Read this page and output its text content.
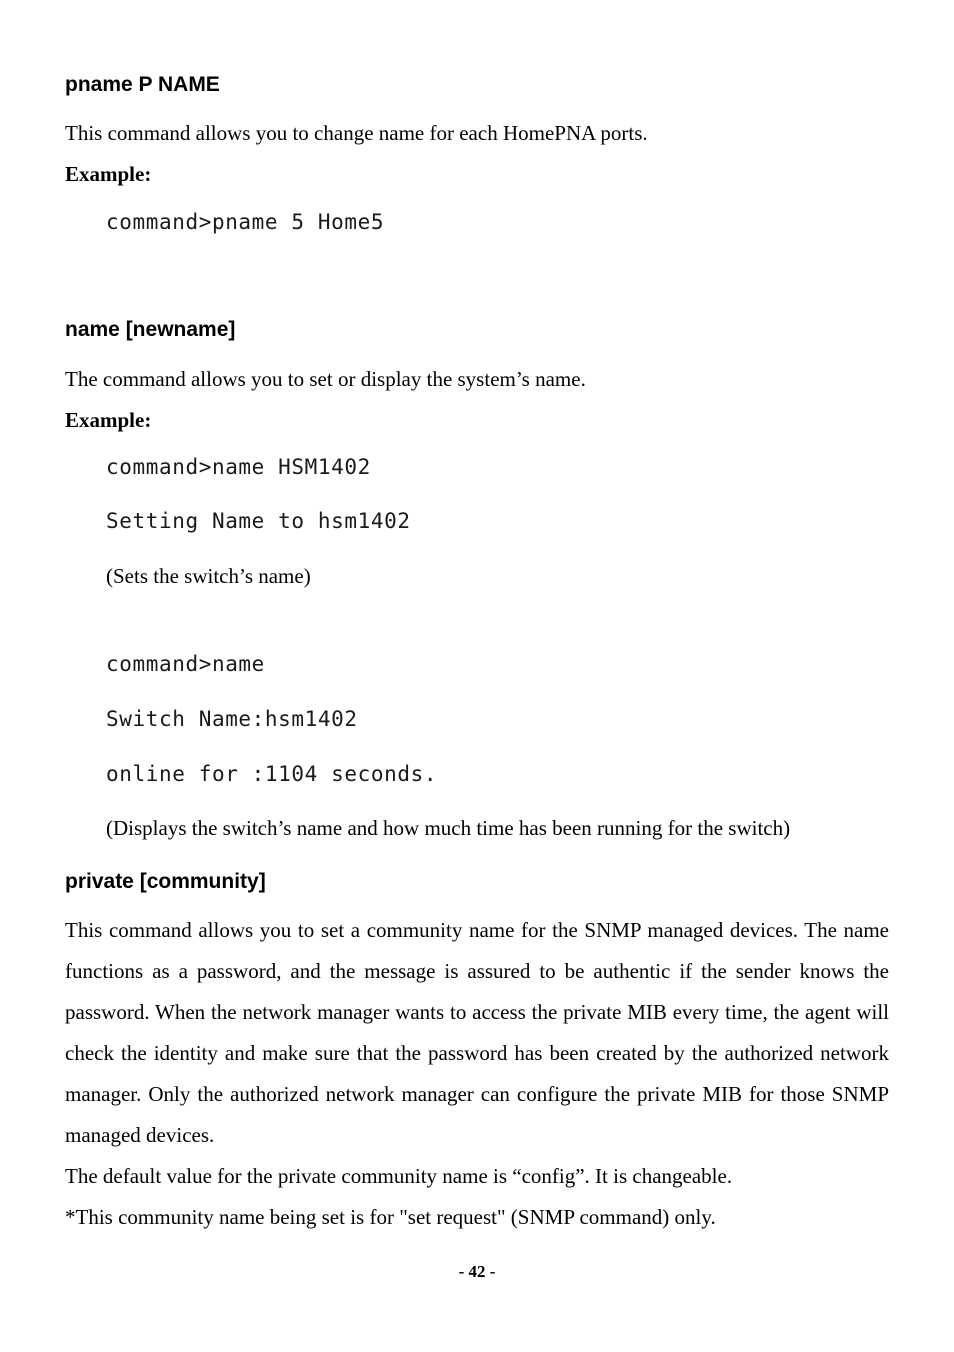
pname P NAME

This command allows you to change name for each HomePNA ports.

Example:

command>pname 5 Home5

name [newname]

The command allows you to set or display the system’s name.

Example:

command>name HSM1402

Setting Name to hsm1402

(Sets the switch’s name)

command>name

Switch Name:hsm1402

online for :1104 seconds.

(Displays the switch’s name and how much time has been running for the switch)

private [community]

This command allows you to set a community name for the SNMP managed devices. The name functions as a password, and the message is assured to be authentic if the sender knows the password. When the network manager wants to access the private MIB every time, the agent will check the identity and make sure that the password has been created by the authorized network manager. Only the authorized network manager can configure the private MIB for those SNMP managed devices.

The default value for the private community name is “config”. It is changeable.

*This community name being set is for "set request" (SNMP command) only.

- 42 -
